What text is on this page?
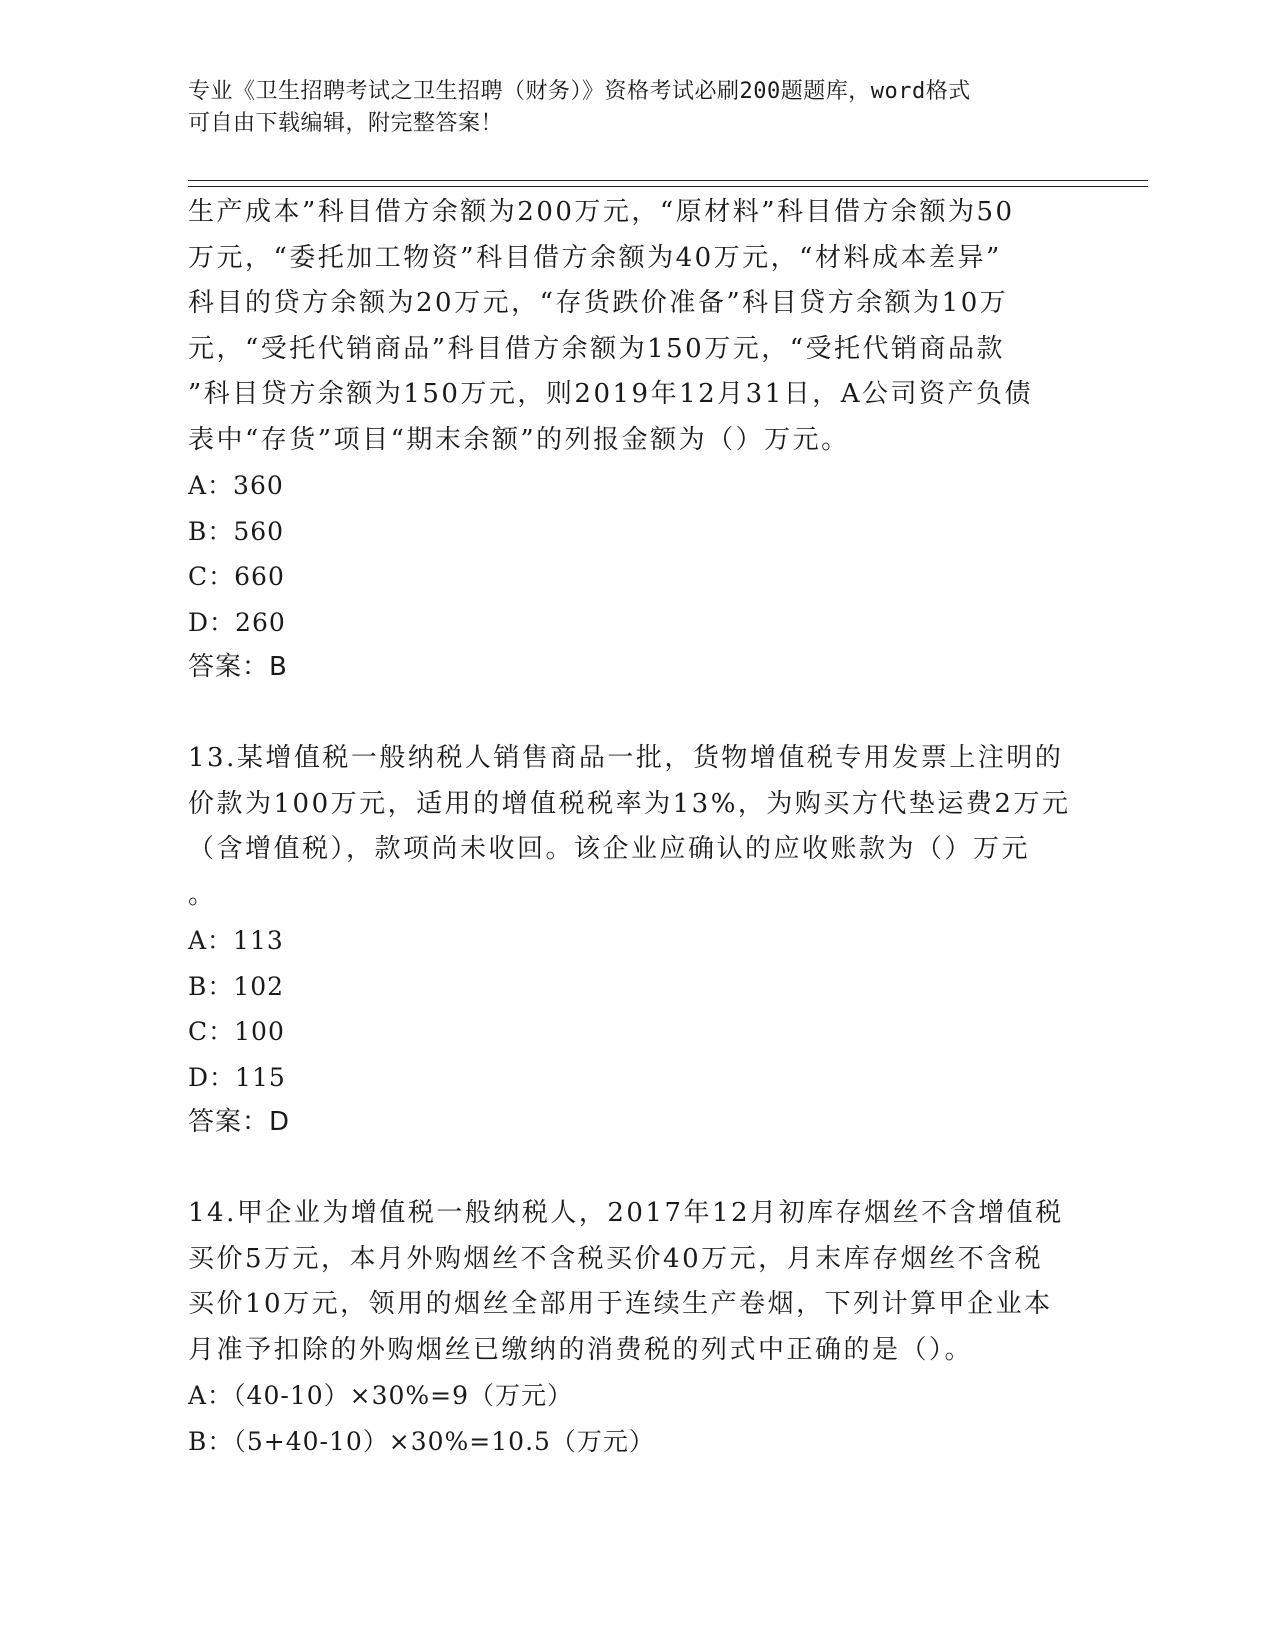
专业《卫生招聘考试之卫生招聘（财务）》资格考试必刷200题题库，word格式
可自由下载编辑，附完整答案！
生产成本”科目借方余额为200万元，“原材料”科目借方余额为50
万元，“委托加工物资”科目借方余额为40万元，“材料成本差异”
科目的贷方余额为20万元，“存货跌价准备”科目贷方余额为10万
元，“受托代销商品”科目借方余额为150万元，“受托代销商品款
”科目贷方余额为150万元，则2019年12月31日，A公司资产负债
表中“存货”项目“期末余额”的列报金额为（）万元。
A：360
B：560
C：660
D：260
答案：B
13.某增值税一般纳税人销售商品一批，货物增值税专用发票上注明的
价款为100万元，适用的增值税税率为13%，为购买方代垫运费2万元
（含增值税），款项尚未收回。该企业应确认的应收账款为（）万元
。
A：113
B：102
C：100
D：115
答案：D
14.甲企业为增值税一般纳税人，2017年12月初库存烟丝不含增值税
买价5万元，本月外购烟丝不含税买价40万元，月末库存烟丝不含税
买价10万元，领用的烟丝全部用于连续生产卷烟，下列计算甲企业本
月准予扣除的外购烟丝已缴纳的消费税的列式中正确的是（）。
A：（40-10）×30%=9（万元）
B：（5+40-10）×30%=10.5（万元）
